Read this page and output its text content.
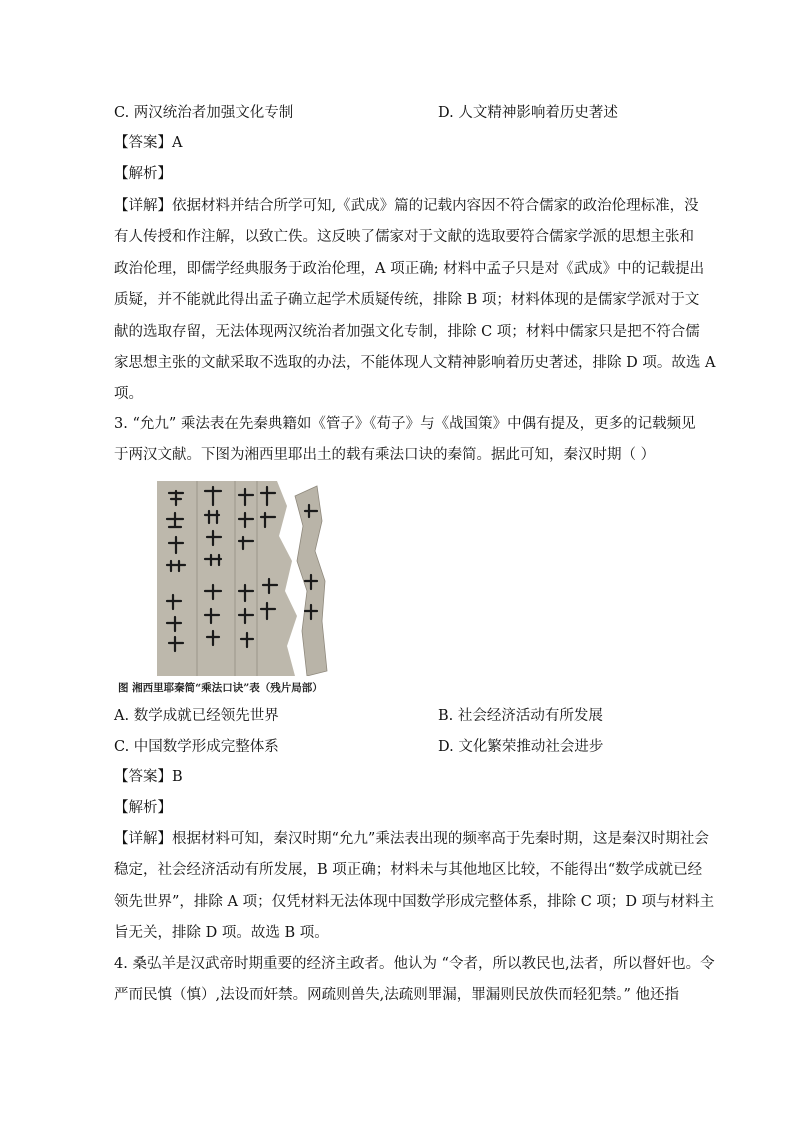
C. 两汉统治者加强文化专制	D. 人文精神影响着历史著述
【答案】A
【解析】
【详解】依据材料并结合所学可知,《武成》篇的记载内容因不符合儒家的政治伦理标准，没
有人传授和作注解，以致亡佚。这反映了儒家对于文献的选取要符合儒家学派的思想主张和
政治伦理，即儒学经典服务于政治伦理，A 项正确; 材料中孟子只是对《武成》中的记载提出
质疑，并不能就此得出孟子确立起学术质疑传统，排除 B 项；材料体现的是儒家学派对于文
献的选取存留，无法体现两汉统治者加强文化专制，排除 C 项；材料中儒家只是把不符合儒
家思想主张的文献采取不选取的办法，不能体现人文精神影响着历史著述，排除 D 项。故选 A
项。
3. “允九” 乘法表在先秦典籍如《管子》《荀子》与《战国策》中偶有提及，更多的记载频见
于两汉文献。下图为湘西里耶出土的载有乘法口诀的秦简。据此可知，秦汉时期（ ）
图 湘西里耶秦简“乘法口诀”表（残片局部）
A. 数学成就已经领先世界	B. 社会经济活动有所发展
C. 中国数学形成完整体系	D. 文化繁荣推动社会进步
【答案】B
【解析】
【详解】根据材料可知，秦汉时期“允九”乘法表出现的频率高于先秦时期，这是秦汉时期社会
稳定，社会经济活动有所发展，B 项正确；材料未与其他地区比较，不能得出“数学成就已经
领先世界”，排除 A 项；仅凭材料无法体现中国数学形成完整体系，排除 C 项；D 项与材料主
旨无关，排除 D 项。故选 B 项。
4. 桑弘羊是汉武帝时期重要的经济主政者。他认为 “令者，所以教民也,法者，所以督奸也。令
严而民慎（慎）,法设而奸禁。网疏则兽失,法疏则罪漏，罪漏则民放佚而轻犯禁。” 他还指
